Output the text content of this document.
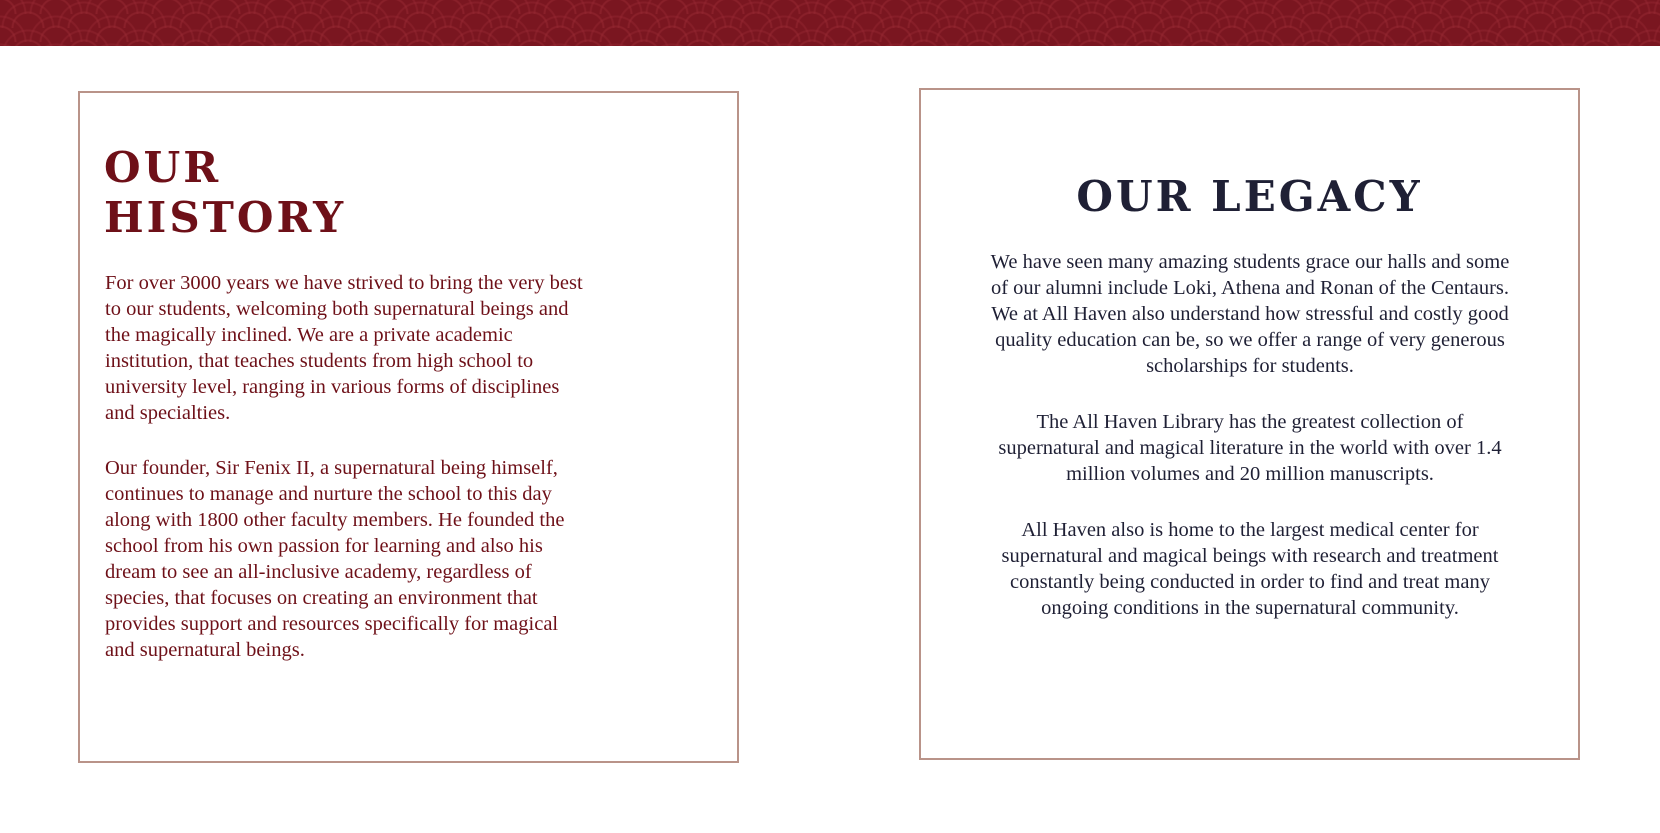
OUR
HISTORY

For over 3000 years we have strived to bring the very best to our students, welcoming both supernatural beings and the magically inclined. We are a private academic institution, that teaches students from high school to university level, ranging in various forms of disciplines and specialties.

Our founder, Sir Fenix II, a supernatural being himself, continues to manage and nurture the school to this day along with 1800 other faculty members. He founded the school from his own passion for learning and also his dream to see an all-inclusive academy, regardless of species, that focuses on creating an environment that provides support and resources specifically for magical and supernatural beings.

OUR LEGACY

We have seen many amazing students grace our halls and some of our alumni include Loki, Athena and Ronan of the Centaurs. We at All Haven also understand how stressful and costly good quality education can be, so we offer a range of very generous scholarships for students.

The All Haven Library has the greatest collection of supernatural and magical literature in the world with over 1.4 million volumes and 20 million manuscripts.

All Haven also is home to the largest medical center for supernatural and magical beings with research and treatment constantly being conducted in order to find and treat many ongoing conditions in the supernatural community.
